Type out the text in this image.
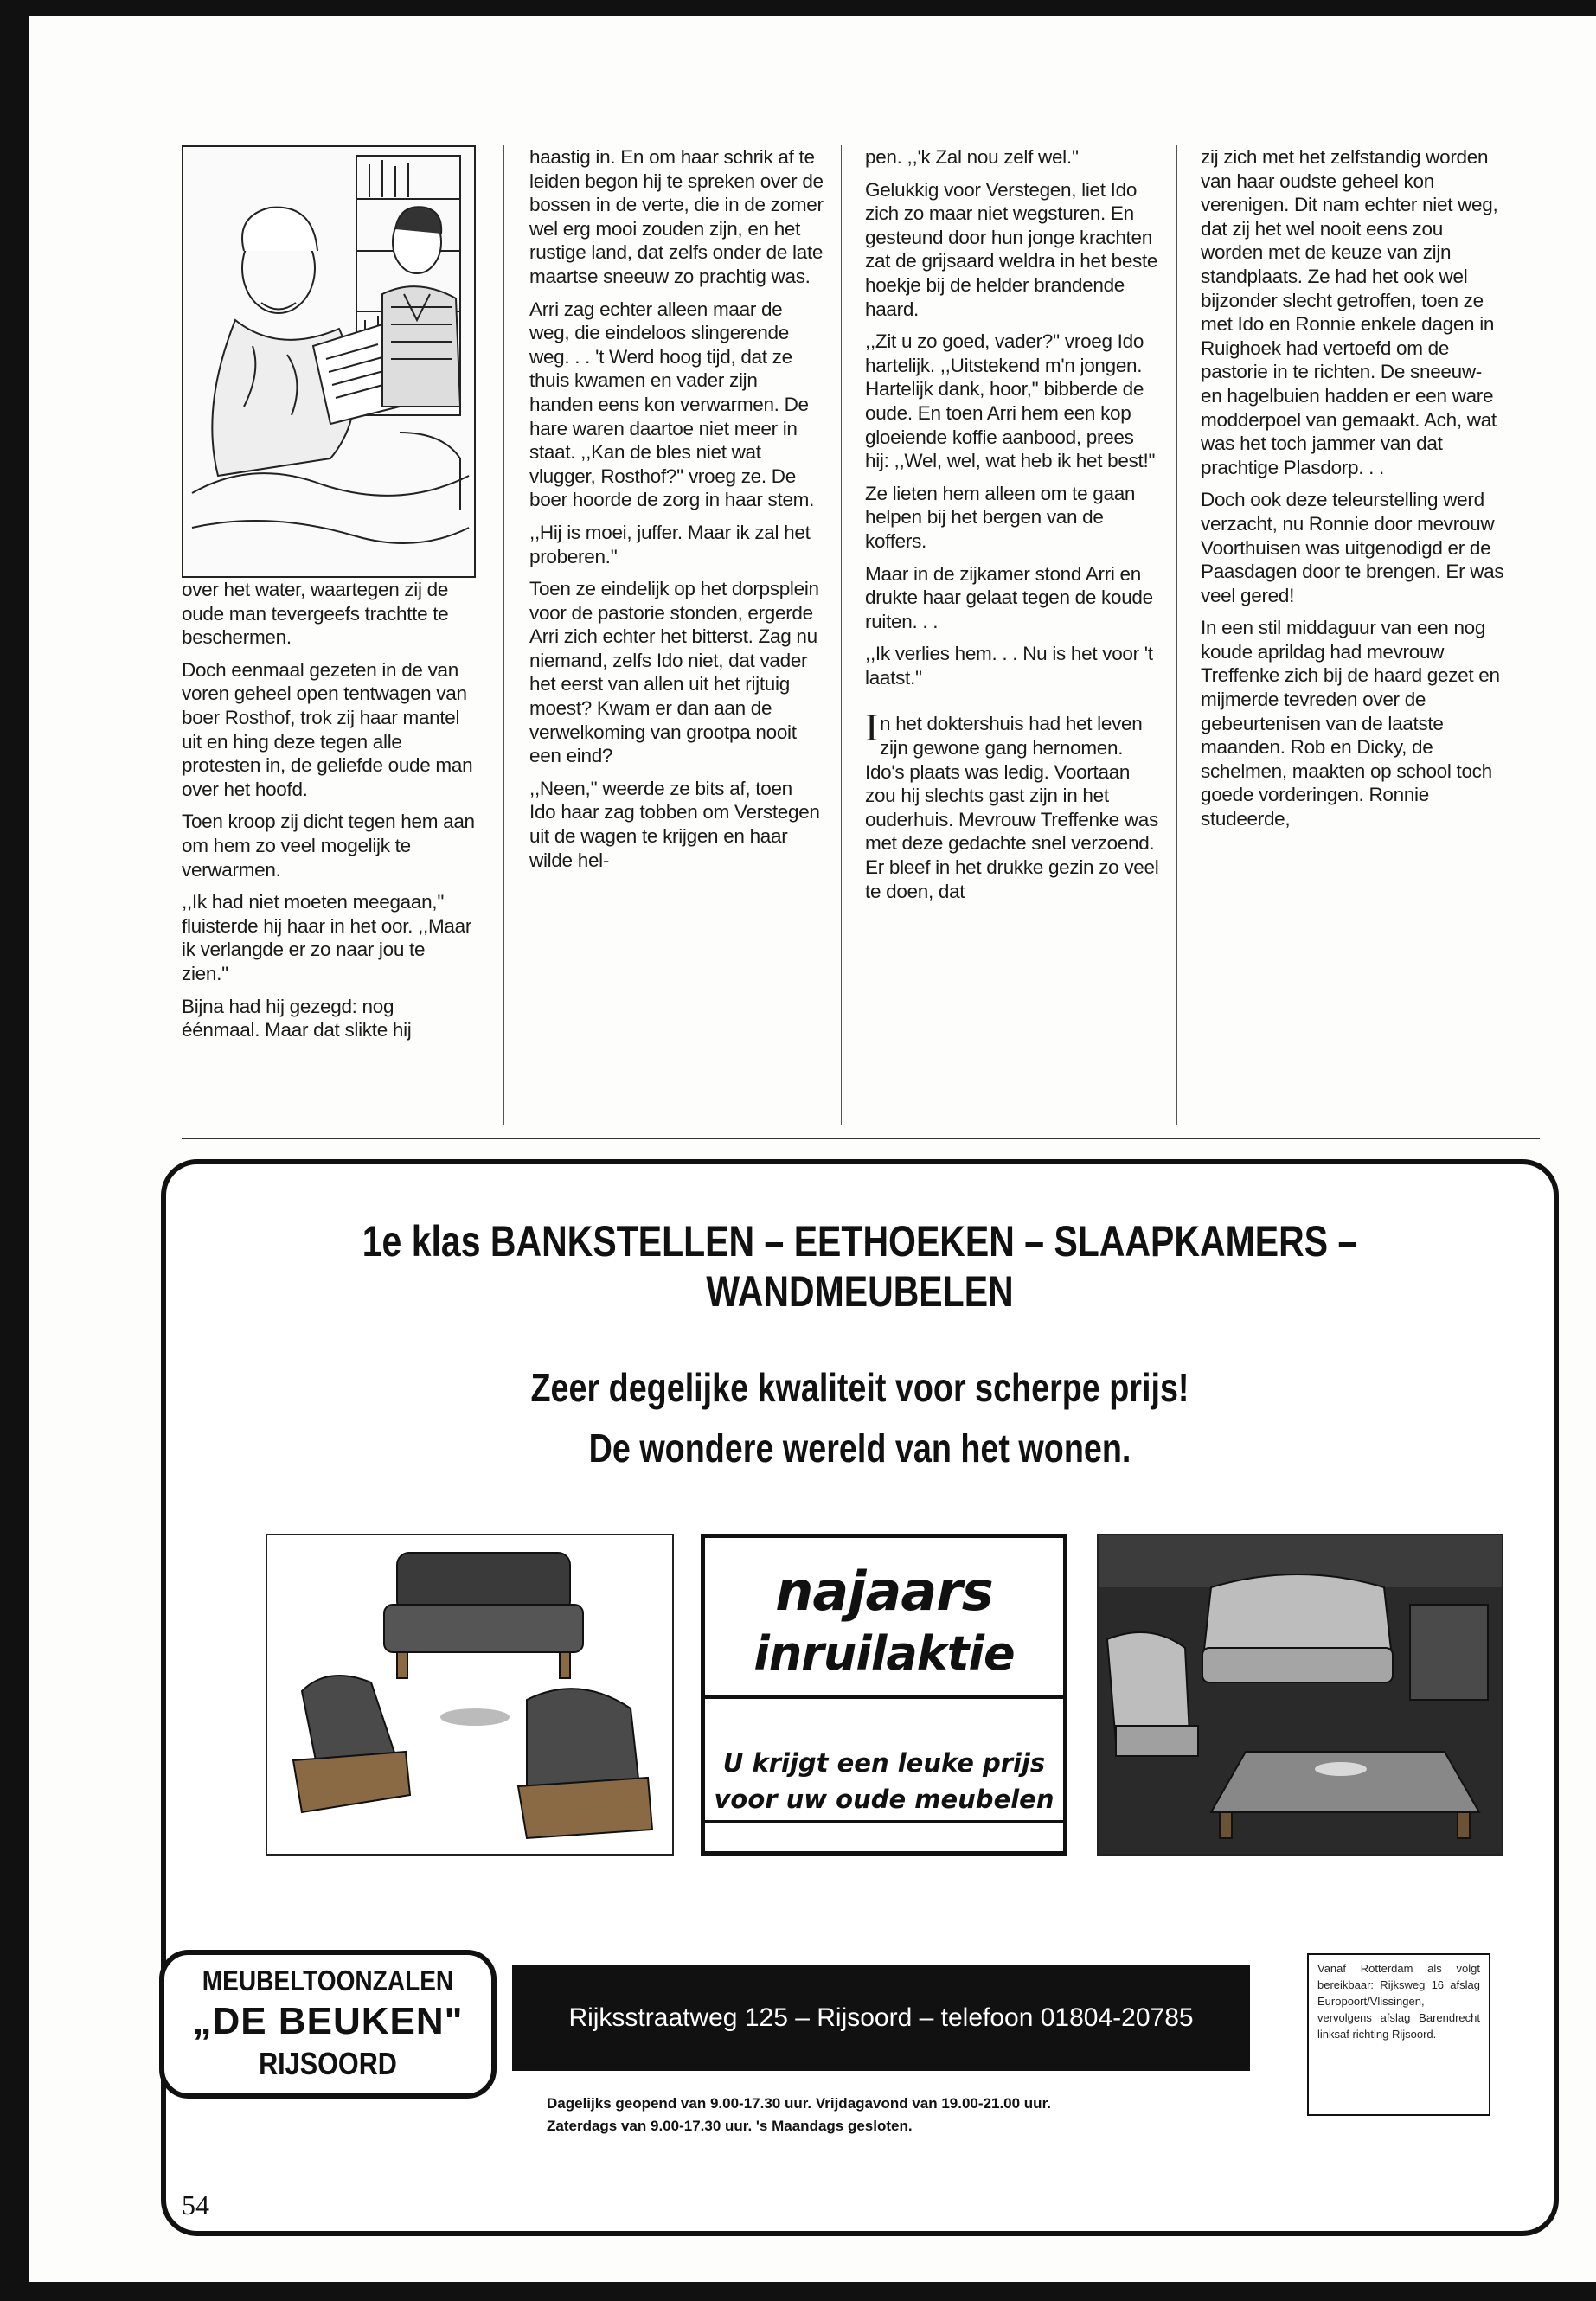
over het water, waartegen zij de oude man tevergeefs trachtte te beschermen.

Doch eenmaal gezeten in de van voren geheel open tentwagen van boer Rosthof, trok zij haar mantel uit en hing deze tegen alle protesten in, de geliefde oude man over het hoofd.

Toen kroop zij dicht tegen hem aan om hem zo veel mogelijk te verwarmen.

,,Ik had niet moeten meegaan,'' fluisterde hij haar in het oor. ,,Maar ik verlangde er zo naar jou te zien.''

Bijna had hij gezegd: nog éénmaal. Maar dat slikte hij

haastig in. En om haar schrik af te leiden begon hij te spreken over de bossen in de verte, die in de zomer wel erg mooi zouden zijn, en het rustige land, dat zelfs onder de late maartse sneeuw zo prachtig was.

Arri zag echter alleen maar de weg, die eindeloos slingerende weg. . . 't Werd hoog tijd, dat ze thuis kwamen en vader zijn handen eens kon verwarmen. De hare waren daartoe niet meer in staat. ,,Kan de bles niet wat vlugger, Rosthof?'' vroeg ze. De boer hoorde de zorg in haar stem.

,,Hij is moei, juffer. Maar ik zal het proberen.''

Toen ze eindelijk op het dorpsplein voor de pastorie stonden, ergerde Arri zich echter het bitterst. Zag nu niemand, zelfs Ido niet, dat vader het eerst van allen uit het rijtuig moest? Kwam er dan aan de verwelkoming van grootpa nooit een eind?

,,Neen,'' weerde ze bits af, toen Ido haar zag tobben om Verstegen uit de wagen te krijgen en haar wilde hel-

pen. ,,'k Zal nou zelf wel.''

Gelukkig voor Verstegen, liet Ido zich zo maar niet wegsturen. En gesteund door hun jonge krachten zat de grijsaard weldra in het beste hoekje bij de helder brandende haard.

,,Zit u zo goed, vader?'' vroeg Ido hartelijk. ,,Uitstekend m'n jongen. Hartelijk dank, hoor,'' bibberde de oude. En toen Arri hem een kop gloeiende koffie aanbood, prees hij: ,,Wel, wel, wat heb ik het best!''

Ze lieten hem alleen om te gaan helpen bij het bergen van de koffers.

Maar in de zijkamer stond Arri en drukte haar gelaat tegen de koude ruiten. . .

,,Ik verlies hem. . . Nu is het voor 't laatst.''

In het doktershuis had het leven zijn gewone gang hernomen. Ido's plaats was ledig. Voortaan zou hij slechts gast zijn in het ouderhuis. Mevrouw Treffenke was met deze gedachte snel verzoend. Er bleef in het drukke gezin zo veel te doen, dat

zij zich met het zelfstandig worden van haar oudste geheel kon verenigen. Dit nam echter niet weg, dat zij het wel nooit eens zou worden met de keuze van zijn standplaats. Ze had het ook wel bijzonder slecht getroffen, toen ze met Ido en Ronnie enkele dagen in Ruighoek had vertoefd om de pastorie in te richten. De sneeuw- en hagelbuien hadden er een ware modderpoel van gemaakt. Ach, wat was het toch jammer van dat prachtige Plasdorp. . .

Doch ook deze teleurstelling werd verzacht, nu Ronnie door mevrouw Voorthuisen was uitgenodigd er de Paasdagen door te brengen. Er was veel gered!

In een stil middaguur van een nog koude aprildag had mevrouw Treffenke zich bij de haard gezet en mijmerde tevreden over de gebeurtenisen van de laatste maanden. Rob en Dicky, de schelmen, maakten op school toch goede vorderingen. Ronnie studeerde,

1e klas BANKSTELLEN – EETHOEKEN – SLAAPKAMERS –
WANDMEUBELEN
Zeer degelijke kwaliteit voor scherpe prijs!
De wondere wereld van het wonen.
najaars
inruilaktie
U krijgt een leuke prijs
voor uw oude meubelen
MEUBELTOONZALEN
„DE BEUKEN"
RIJSOORD
Rijksstraatweg 125 – Rijsoord – telefoon 01804-20785
Dagelijks geopend van 9.00-17.30 uur. Vrijdagavond van 19.00-21.00 uur.
Zaterdags van 9.00-17.30 uur. 's Maandags gesloten.
Vanaf Rotterdam als volgt bereikbaar: Rijksweg 16 afslag Europoort/Vlissingen, vervolgens afslag Barendrecht linksaf richting Rijsoord.
54
